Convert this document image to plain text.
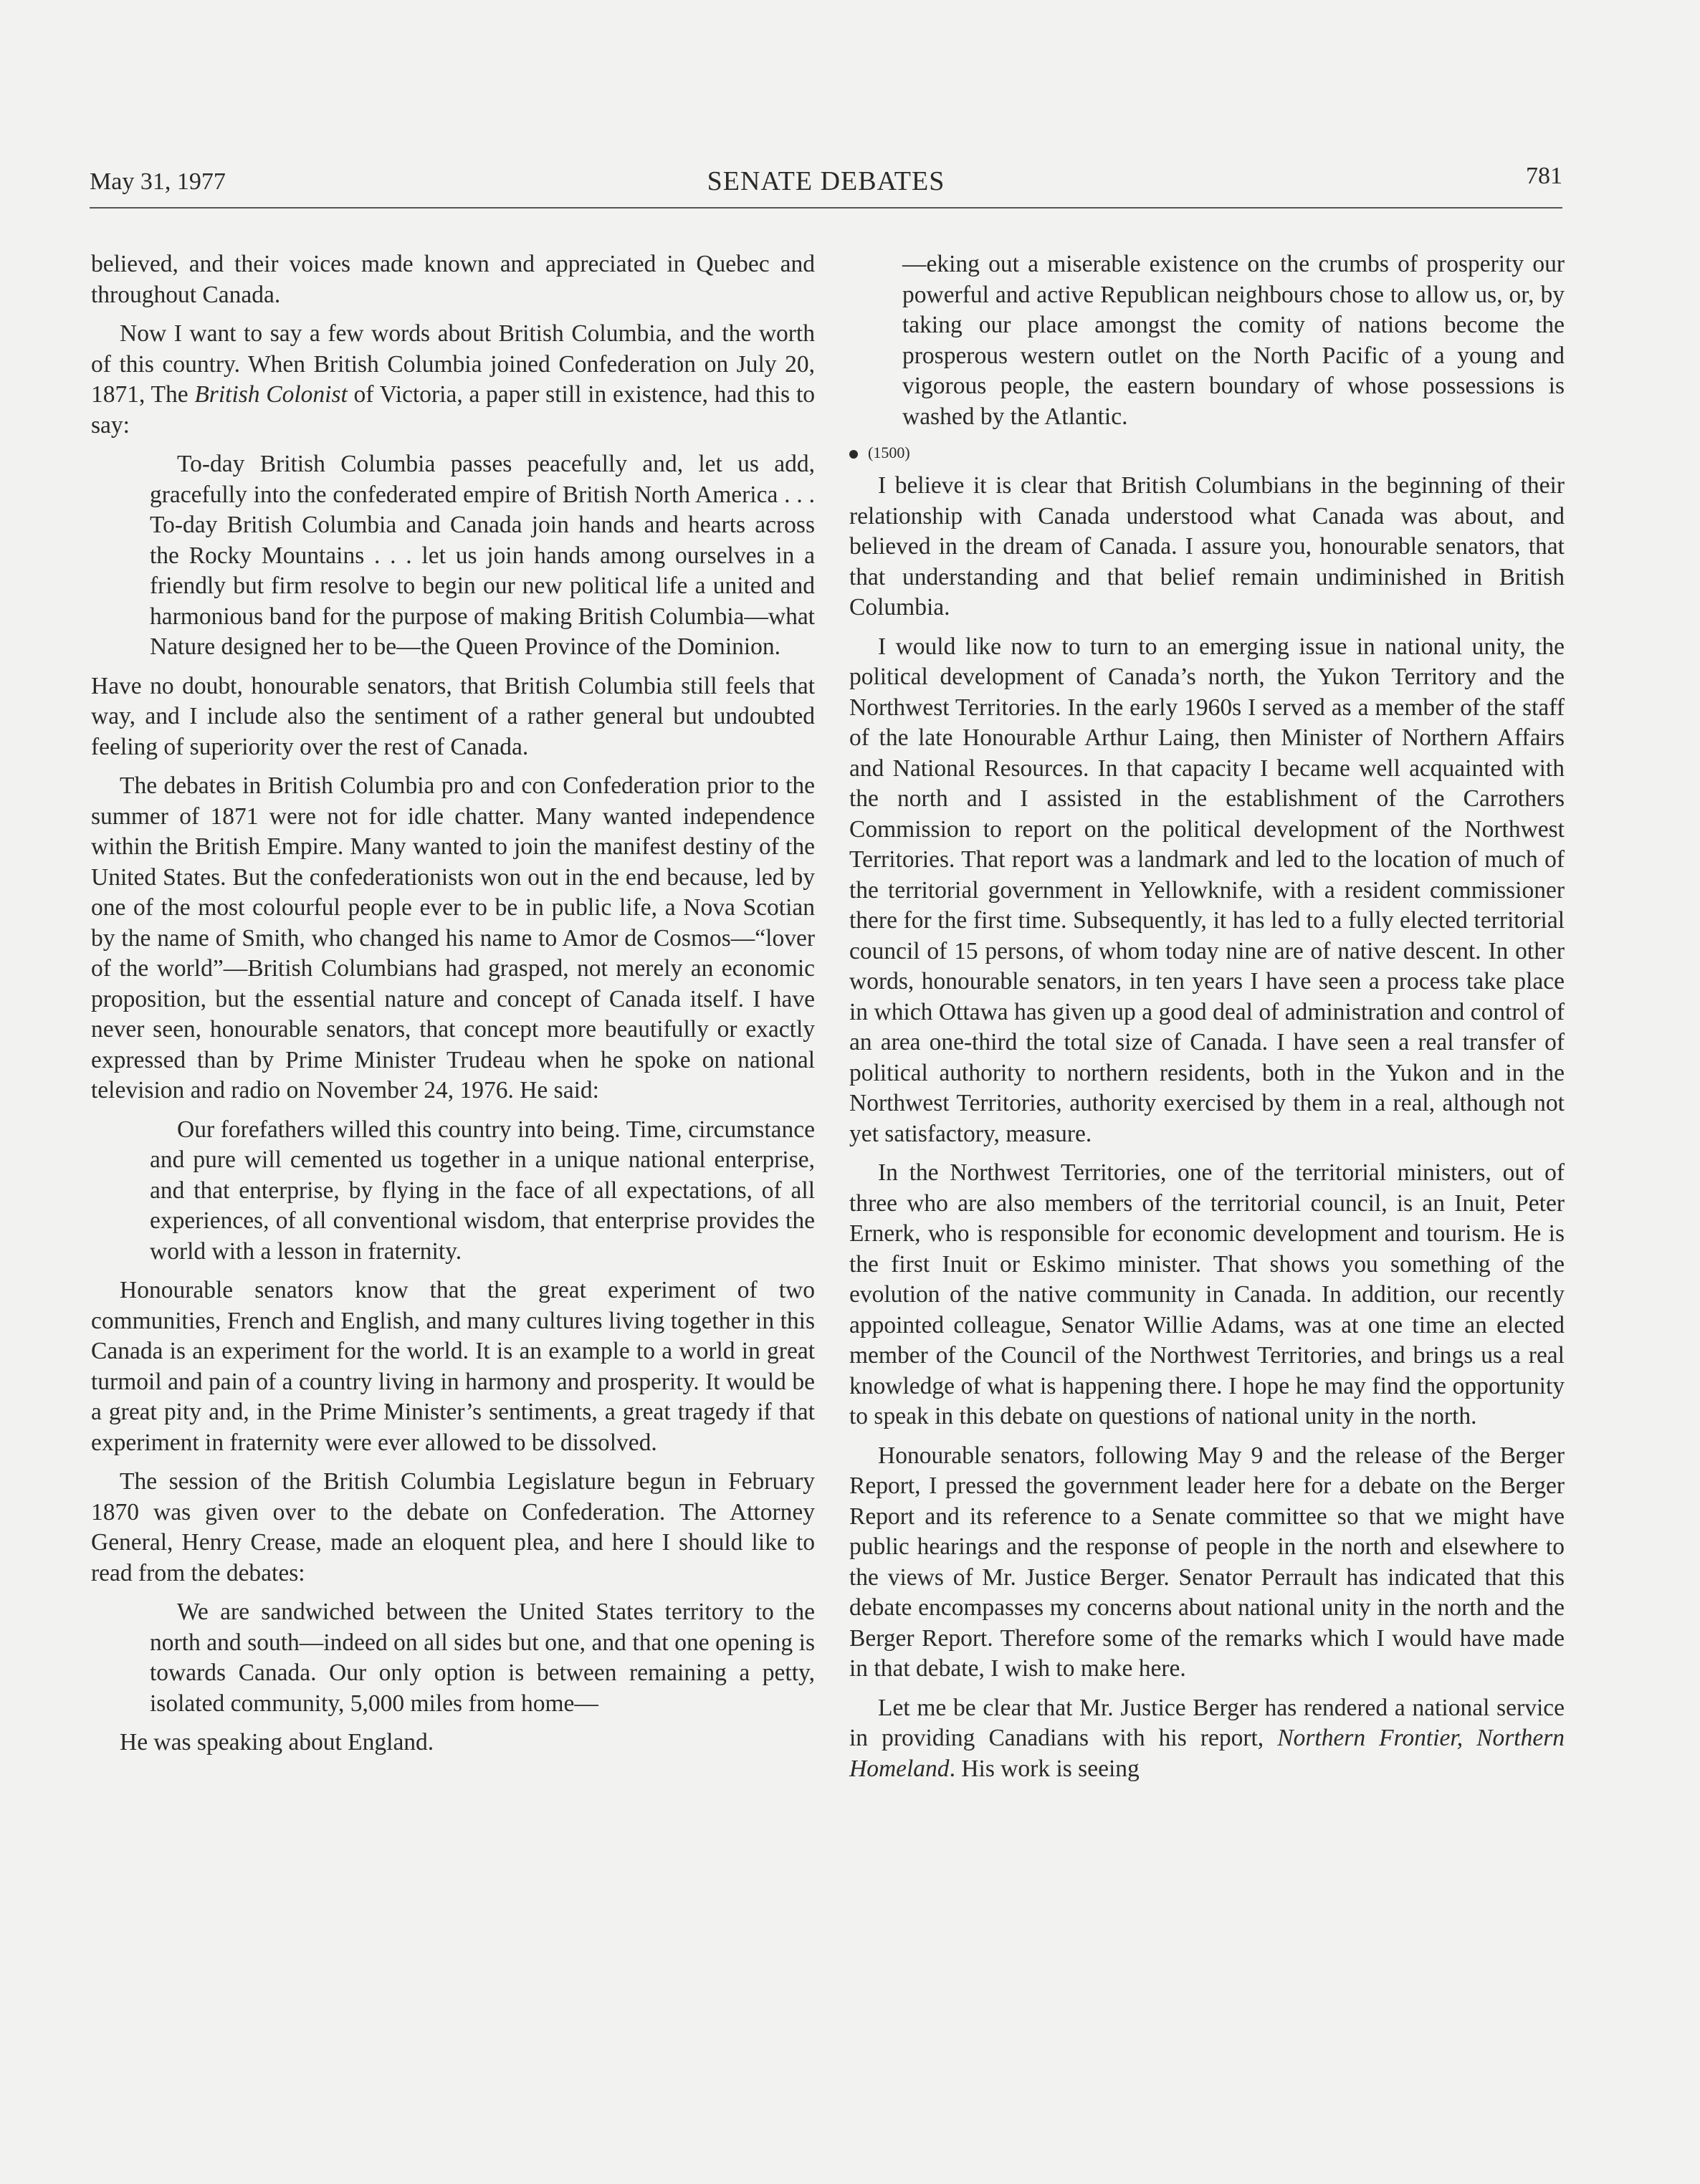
May 31, 1977	SENATE DEBATES	781

believed, and their voices made known and appreciated in Quebec and throughout Canada.

Now I want to say a few words about British Columbia, and the worth of this country. When British Columbia joined Confederation on July 20, 1871, The British Colonist of Victoria, a paper still in existence, had this to say:

To-day British Columbia passes peacefully and, let us add, gracefully into the confederated empire of British North America . . . To-day British Columbia and Canada join hands and hearts across the Rocky Mountains . . . let us join hands among ourselves in a friendly but firm resolve to begin our new political life a united and harmonious band for the purpose of making British Columbia—what Nature designed her to be—the Queen Province of the Dominion.

Have no doubt, honourable senators, that British Columbia still feels that way, and I include also the sentiment of a rather general but undoubted feeling of superiority over the rest of Canada.

The debates in British Columbia pro and con Confederation prior to the summer of 1871 were not for idle chatter. Many wanted independence within the British Empire. Many wanted to join the manifest destiny of the United States. But the confederationists won out in the end because, led by one of the most colourful people ever to be in public life, a Nova Scotian by the name of Smith, who changed his name to Amor de Cosmos—“lover of the world”—British Columbians had grasped, not merely an economic proposition, but the essential nature and concept of Canada itself. I have never seen, honourable senators, that concept more beautifully or exactly expressed than by Prime Minister Trudeau when he spoke on national television and radio on November 24, 1976. He said:

Our forefathers willed this country into being. Time, circumstance and pure will cemented us together in a unique national enterprise, and that enterprise, by flying in the face of all expectations, of all experiences, of all conventional wisdom, that enterprise provides the world with a lesson in fraternity.

Honourable senators know that the great experiment of two communities, French and English, and many cultures living together in this Canada is an experiment for the world. It is an example to a world in great turmoil and pain of a country living in harmony and prosperity. It would be a great pity and, in the Prime Minister’s sentiments, a great tragedy if that experiment in fraternity were ever allowed to be dissolved.

The session of the British Columbia Legislature begun in February 1870 was given over to the debate on Confederation. The Attorney General, Henry Crease, made an eloquent plea, and here I should like to read from the debates:

We are sandwiched between the United States territory to the north and south—indeed on all sides but one, and that one opening is towards Canada. Our only option is between remaining a petty, isolated community, 5,000 miles from home—

He was speaking about England.

—eking out a miserable existence on the crumbs of prosperity our powerful and active Republican neighbours chose to allow us, or, by taking our place amongst the comity of nations become the prosperous western outlet on the North Pacific of a young and vigorous people, the eastern boundary of whose possessions is washed by the Atlantic.

(1500)

I believe it is clear that British Columbians in the beginning of their relationship with Canada understood what Canada was about, and believed in the dream of Canada. I assure you, honourable senators, that that understanding and that belief remain undiminished in British Columbia.

I would like now to turn to an emerging issue in national unity, the political development of Canada’s north, the Yukon Territory and the Northwest Territories. In the early 1960s I served as a member of the staff of the late Honourable Arthur Laing, then Minister of Northern Affairs and National Resources. In that capacity I became well acquainted with the north and I assisted in the establishment of the Carrothers Commission to report on the political development of the Northwest Territories. That report was a landmark and led to the location of much of the territorial government in Yellowknife, with a resident commissioner there for the first time. Subsequently, it has led to a fully elected territorial council of 15 persons, of whom today nine are of native descent. In other words, honourable senators, in ten years I have seen a process take place in which Ottawa has given up a good deal of administration and control of an area one-third the total size of Canada. I have seen a real transfer of political authority to northern residents, both in the Yukon and in the Northwest Territories, authority exercised by them in a real, although not yet satisfactory, measure.

In the Northwest Territories, one of the territorial ministers, out of three who are also members of the territorial council, is an Inuit, Peter Ernerk, who is responsible for economic development and tourism. He is the first Inuit or Eskimo minister. That shows you something of the evolution of the native community in Canada. In addition, our recently appointed colleague, Senator Willie Adams, was at one time an elected member of the Council of the Northwest Territories, and brings us a real knowledge of what is happening there. I hope he may find the opportunity to speak in this debate on questions of national unity in the north.

Honourable senators, following May 9 and the release of the Berger Report, I pressed the government leader here for a debate on the Berger Report and its reference to a Senate committee so that we might have public hearings and the response of people in the north and elsewhere to the views of Mr. Justice Berger. Senator Perrault has indicated that this debate encompasses my concerns about national unity in the north and the Berger Report. Therefore some of the remarks which I would have made in that debate, I wish to make here.

Let me be clear that Mr. Justice Berger has rendered a national service in providing Canadians with his report, Northern Frontier, Northern Homeland. His work is seeing
